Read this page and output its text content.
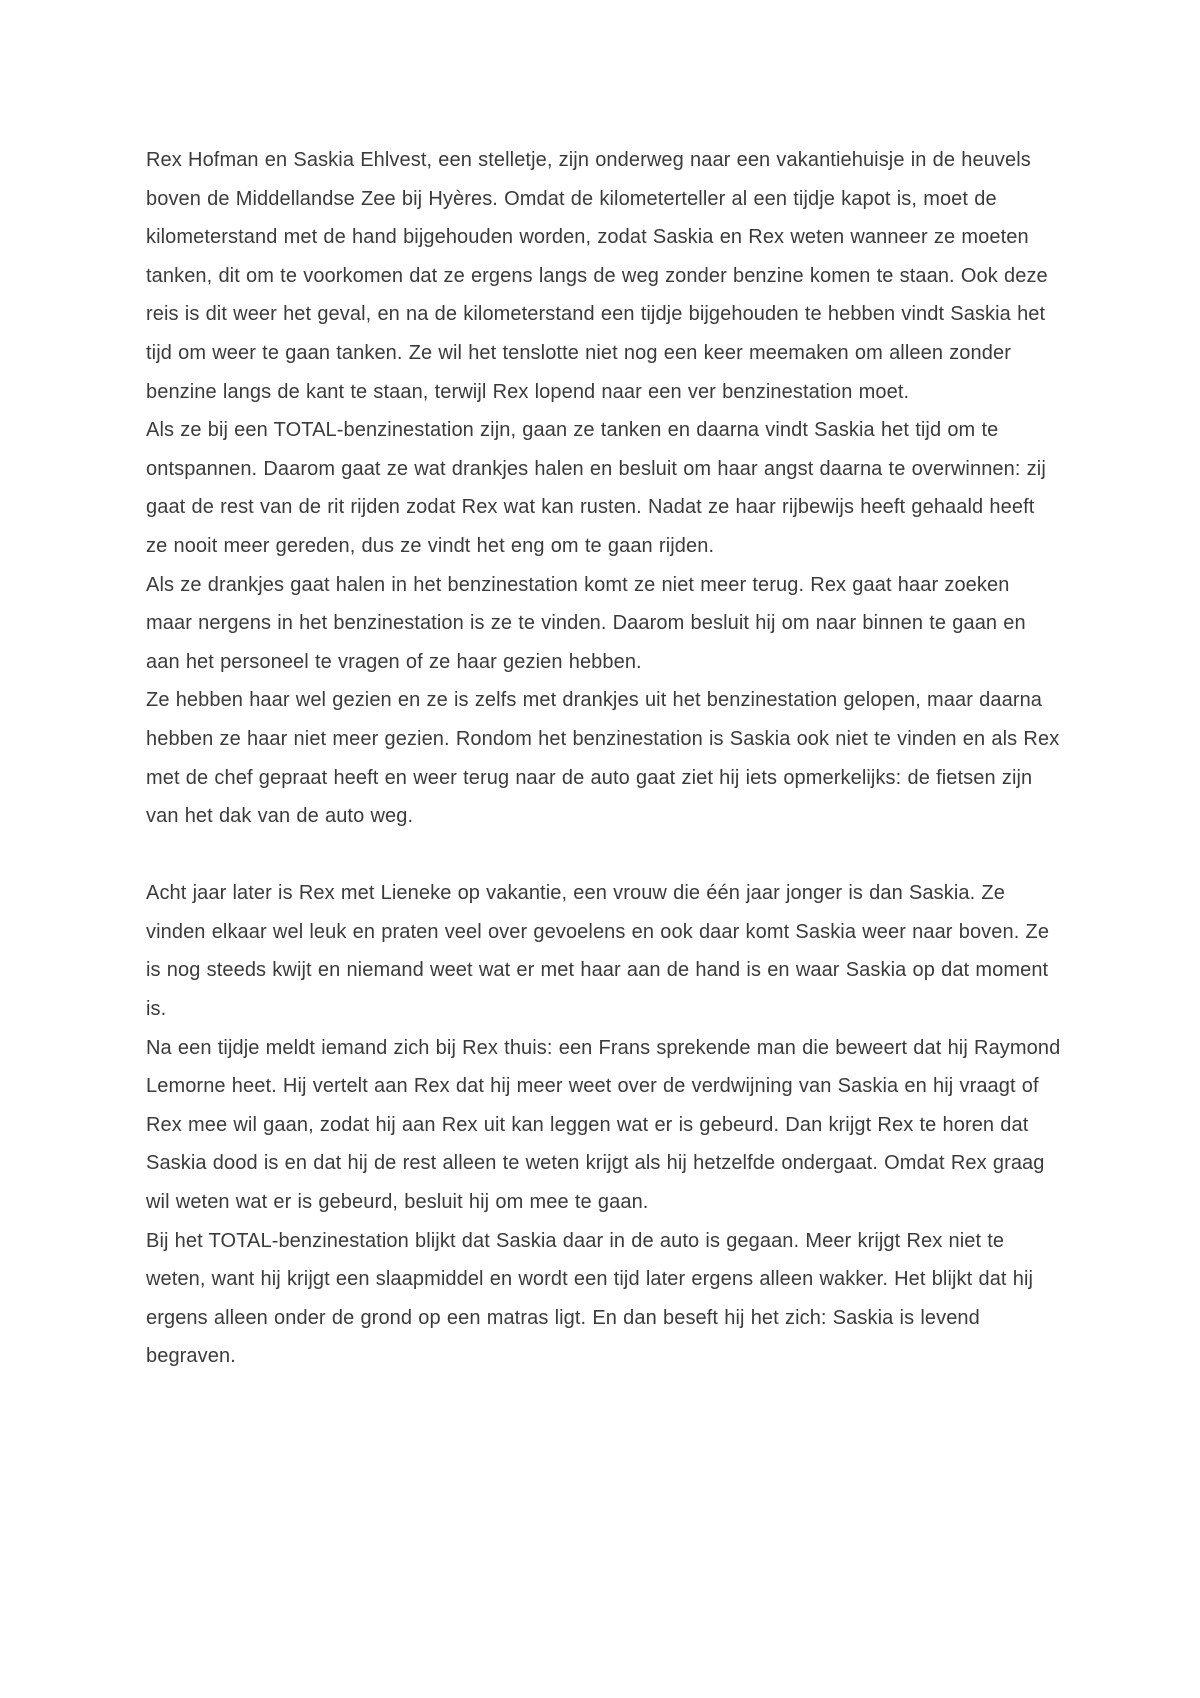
Rex Hofman en Saskia Ehlvest, een stelletje, zijn onderweg naar een vakantiehuisje in de heuvels boven de Middellandse Zee bij Hyères. Omdat de kilometerteller al een tijdje kapot is, moet de kilometerstand met de hand bijgehouden worden, zodat Saskia en Rex weten wanneer ze moeten tanken, dit om te voorkomen dat ze ergens langs de weg zonder benzine komen te staan. Ook deze reis is dit weer het geval, en na de kilometerstand een tijdje bijgehouden te hebben vindt Saskia het tijd om weer te gaan tanken. Ze wil het tenslotte niet nog een keer meemaken om alleen zonder benzine langs de kant te staan, terwijl Rex lopend naar een ver benzinestation moet.

Als ze bij een TOTAL-benzinestation zijn, gaan ze tanken en daarna vindt Saskia het tijd om te ontspannen. Daarom gaat ze wat drankjes halen en besluit om haar angst daarna te overwinnen: zij gaat de rest van de rit rijden zodat Rex wat kan rusten. Nadat ze haar rijbewijs heeft gehaald heeft ze nooit meer gereden, dus ze vindt het eng om te gaan rijden.

Als ze drankjes gaat halen in het benzinestation komt ze niet meer terug. Rex gaat haar zoeken maar nergens in het benzinestation is ze te vinden. Daarom besluit hij om naar binnen te gaan en aan het personeel te vragen of ze haar gezien hebben.

Ze hebben haar wel gezien en ze is zelfs met drankjes uit het benzinestation gelopen, maar daarna hebben ze haar niet meer gezien. Rondom het benzinestation is Saskia ook niet te vinden en als Rex met de chef gepraat heeft en weer terug naar de auto gaat ziet hij iets opmerkelijks: de fietsen zijn van het dak van de auto weg.

Acht jaar later is Rex met Lieneke op vakantie, een vrouw die één jaar jonger is dan Saskia. Ze vinden elkaar wel leuk en praten veel over gevoelens en ook daar komt Saskia weer naar boven. Ze is nog steeds kwijt en niemand weet wat er met haar aan de hand is en waar Saskia op dat moment is.

Na een tijdje meldt iemand zich bij Rex thuis: een Frans sprekende man die beweert dat hij Raymond Lemorne heet. Hij vertelt aan Rex dat hij meer weet over de verdwijning van Saskia en hij vraagt of Rex mee wil gaan, zodat hij aan Rex uit kan leggen wat er is gebeurd. Dan krijgt Rex te horen dat Saskia dood is en dat hij de rest alleen te weten krijgt als hij hetzelfde ondergaat. Omdat Rex graag wil weten wat er is gebeurd, besluit hij om mee te gaan.

Bij het TOTAL-benzinestation blijkt dat Saskia daar in de auto is gegaan. Meer krijgt Rex niet te weten, want hij krijgt een slaapmiddel en wordt een tijd later ergens alleen wakker. Het blijkt dat hij ergens alleen onder de grond op een matras ligt. En dan beseft hij het zich: Saskia is levend begraven.
